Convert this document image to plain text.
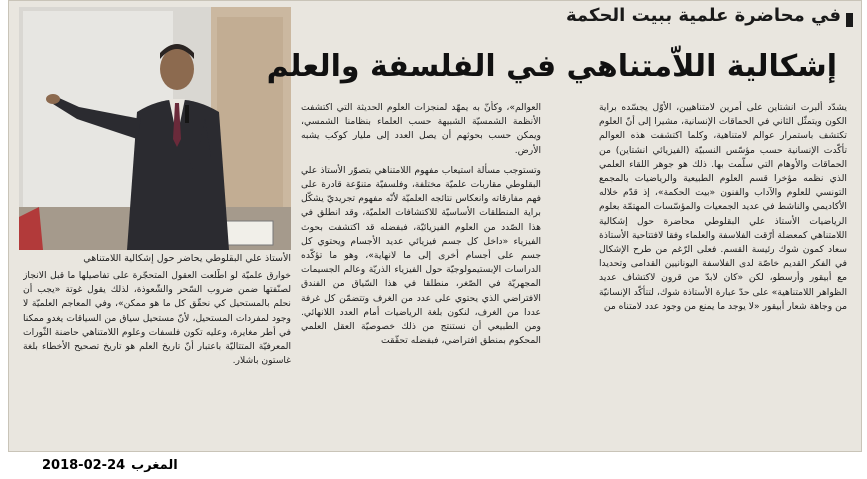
الأستاذ علي البقلوطي يحاضر حول إشكالية اللامتناهي
في محاضرة علمية ببيت الحكمة
إشكالية اللاّمتناهي في الفلسفة والعلم

يشدّد ألبرت انشتاين على أمرين لامتناهيين، الأوّل يجسّده براية الكون ويتمثّل الثاني في الحماقات الإنسانية، مشيرا إلى أنّ العلوم تكتشف باستمرار عوالم لامتناهية، وكلما اكتشفت هذه العوالم تأكّدت الإنسانية حسب مؤسّس النسبيّة (الفيزيائي انشتاين) من الحماقات والأوهام التي سلّمت بها. ذلك هو جوهر اللقاء العلمي الذي نظمه مؤخرا قسم العلوم الطبيعية والرياضيات بالمجمع التونسي للعلوم والآداب والفنون «بيت الحكمة»، إذ قدّم خلاله الأكاديمي والناشط في عديد الجمعيات والمؤسّسات المهتمّة بعلوم الرياضيات الأستاذ علي البقلوطي محاضرة حول إشكالية اللامتناهي كمعضلة أرّقت الفلاسفة والعلماء وفقا لافتتاحية الأستاذة سعاد كمون شوك رئيسة القسم. فعلى الرّغم من طرح الإشكال في الفكر القديم خاصّة لدى الفلاسفة اليونانيين القدامى وتحديدا مع أبيقور وأرسطو، لكن «كان لابدّ من قرون لاكتشاف عديد الظواهر اللامتناهية» على حدّ عبارة الأستاذة شوك، لتتأكّد الإنسانيّة من وجاهة شعار أبيقور «لا يوجد ما يمنع من وجود عدد لامتناه من

العوالم»، وكأنّ به يمهّد لمنجزات العلوم الحديثة التي اكتشفت الأنظمة الشمسيّة الشبيهة حسب العلماء بنظامنا الشمسي، ويمكن حسب بحوثهم أن يصل العدد إلى مليار كوكب يشبه الأرض.

وتستوجب مسألة استيعاب مفهوم اللامتناهي بتصوّر الأستاذ علي البقلوطي مقاربات علميّة مختلفة، وفلسفيّة متنوّعة قادرة على فهم مفارقاته وانعكاس نتائجه العلميّة لأنّه مفهوم تجريديّ يشكّل براية المنطلقات الأساسيّة للاكتشافات العلميّة، وقد انطلق في هذا الصّدد من العلوم الفيزيائيّة، فبفضله قد اكتشفت بحوث الفيزياء «داخل كل جسم فيزيائي عديد الأجسام ويحتوي كل جسم على أجسام أخرى إلى ما لانهاية»، وهو ما تؤكّده الدراسات الإبستيمولوجيّة حول الفيزياء الذريّة وعالم الجسيمات المجهريّة في الصّغر، منطلقا في هذا السّياق من الفندق الافتراضي الذي يحتوي على عدد من الغرف وتتضمّن كل غرفة عددا من الغرف، لنكون بلغة الرياضيات أمام العدد اللانهائي. ومن الطبيعي أن نستنتج من ذلك خصوصيّة العقل العلمي المحكوم بمنطق افتراضي، فبفضله تحقّقت

خوارق علميّة لو اطّلعت العقول المتحجّرة على تفاصيلها ما قبل الانجاز لصنّفتها ضمن ضروب السّحر والشّعوذة، لذلك يقول غوتة «يجب أن نحلم بالمستحيل كي نحقّق كل ما هو ممكن»، وفي المعاجم العلميّة لا وجود لمفردات المستحيل، لأنّ مستحيل سياق من السياقات يغدو ممكنا في أطر مغايرة، وعليه تكون فلسفات وعلوم اللامتناهي حاضنة الثّورات المعرفيّة المتتاليّة باعتبار أنّ تاريخ العلم هو تاريخ تصحيح الأخطاء بلغة غاستون باشلار.

2018-02-24 المغرب
